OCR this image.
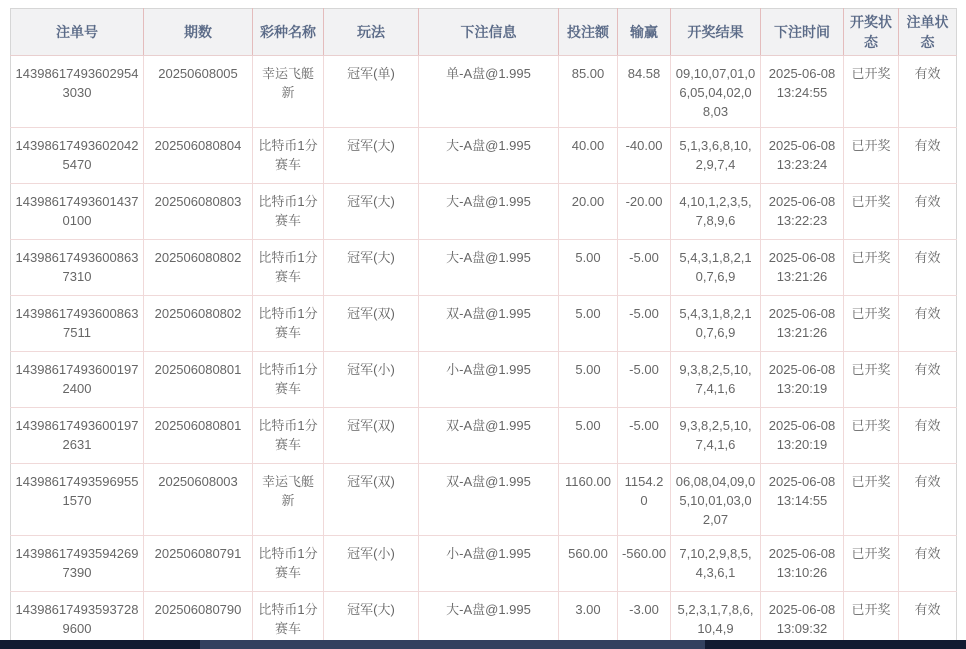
注单号	期数	彩种名称	玩法	下注信息	投注额	输赢	开奖结果	下注时间	开奖状态	注单状态
143986174936029543030	20250608005	幸运飞艇新	冠军(单)	单-A盘@1.995	85.00	84.58	09,10,07,01,06,05,04,02,08,03	2025-06-08 13:24:55	已开奖	有效
143986174936020425470	202506080804	比特币1分赛车	冠军(大)	大-A盘@1.995	40.00	-40.00	5,1,3,6,8,10,2,9,7,4	2025-06-08 13:23:24	已开奖	有效
143986174936014370100	202506080803	比特币1分赛车	冠军(大)	大-A盘@1.995	20.00	-20.00	4,10,1,2,3,5,7,8,9,6	2025-06-08 13:22:23	已开奖	有效
143986174936008637310	202506080802	比特币1分赛车	冠军(大)	大-A盘@1.995	5.00	-5.00	5,4,3,1,8,2,10,7,6,9	2025-06-08 13:21:26	已开奖	有效
143986174936008637511	202506080802	比特币1分赛车	冠军(双)	双-A盘@1.995	5.00	-5.00	5,4,3,1,8,2,10,7,6,9	2025-06-08 13:21:26	已开奖	有效
143986174936001972400	202506080801	比特币1分赛车	冠军(小)	小-A盘@1.995	5.00	-5.00	9,3,8,2,5,10,7,4,1,6	2025-06-08 13:20:19	已开奖	有效
143986174936001972631	202506080801	比特币1分赛车	冠军(双)	双-A盘@1.995	5.00	-5.00	9,3,8,2,5,10,7,4,1,6	2025-06-08 13:20:19	已开奖	有效
143986174935969551570	20250608003	幸运飞艇新	冠军(双)	双-A盘@1.995	1160.00	1154.20	06,08,04,09,05,10,01,03,02,07	2025-06-08 13:14:55	已开奖	有效
143986174935942697390	202506080791	比特币1分赛车	冠军(小)	小-A盘@1.995	560.00	-560.00	7,10,2,9,8,5,4,3,6,1	2025-06-08 13:10:26	已开奖	有效
143986174935937289600	202506080790	比特币1分赛车	冠军(大)	大-A盘@1.995	3.00	-3.00	5,2,3,1,7,8,6,10,4,9	2025-06-08 13:09:32	已开奖	有效
